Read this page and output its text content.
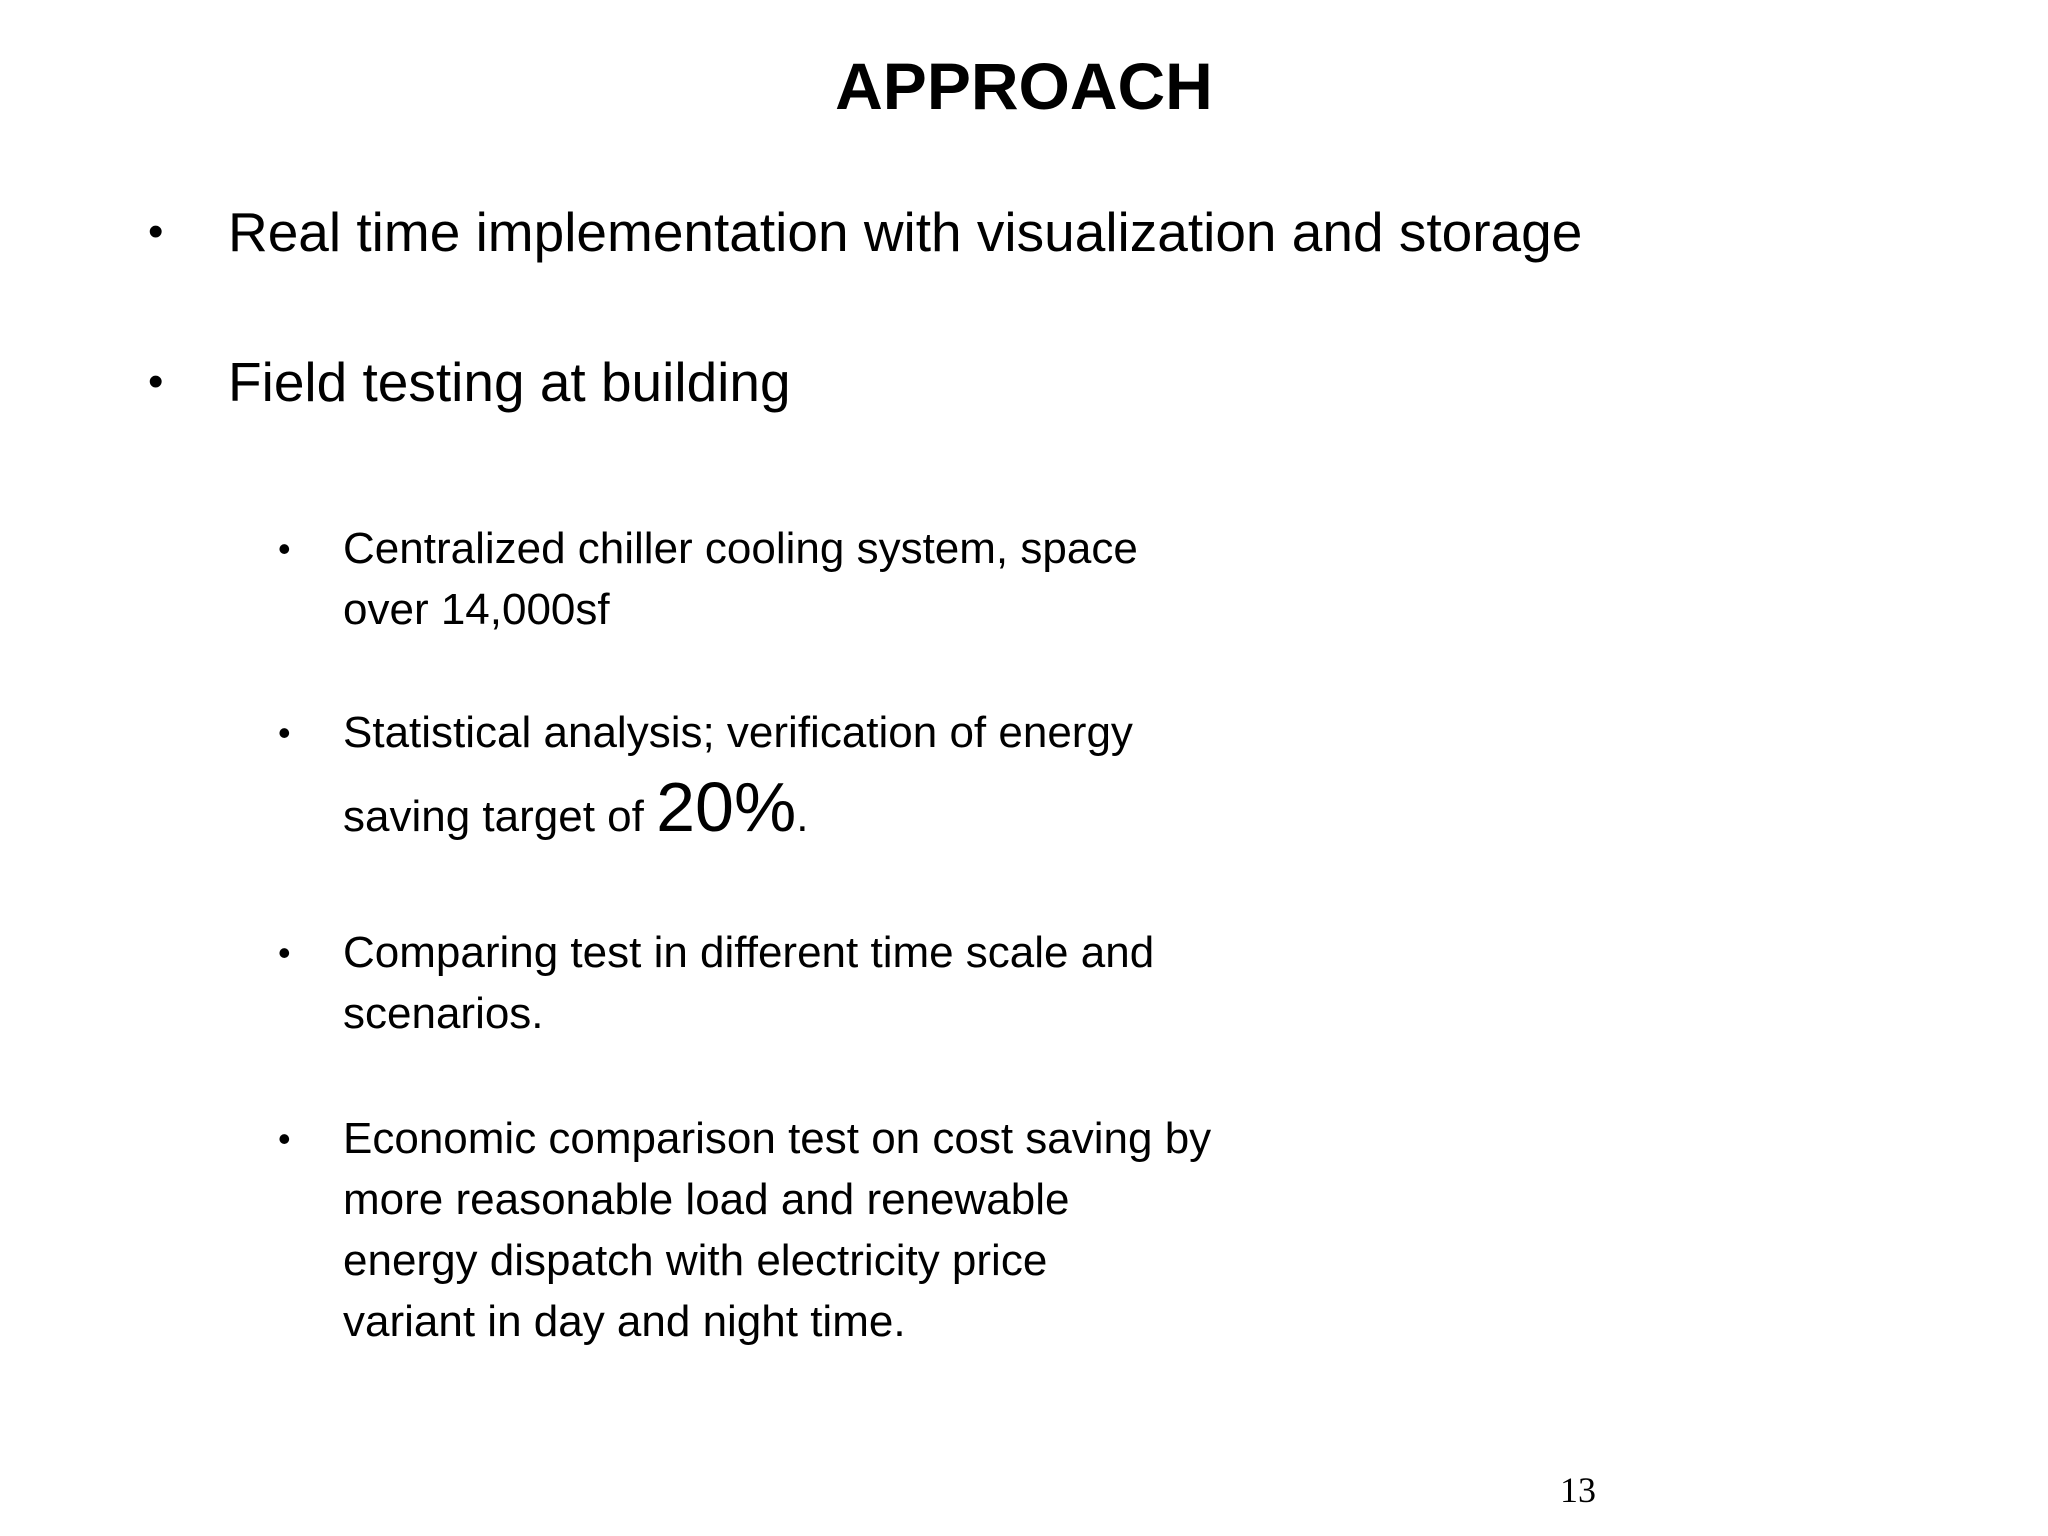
APPROACH
• Real time implementation with visualization and storage
• Field testing at building
• Centralized chiller cooling system, space
over 14,000sf
• Statistical analysis; verification of energy
saving target of 20%.
• Comparing test in different time scale and
scenarios.
• Economic comparison test on cost saving by
more reasonable load and renewable
energy dispatch with electricity price
variant in day and night time.
13
